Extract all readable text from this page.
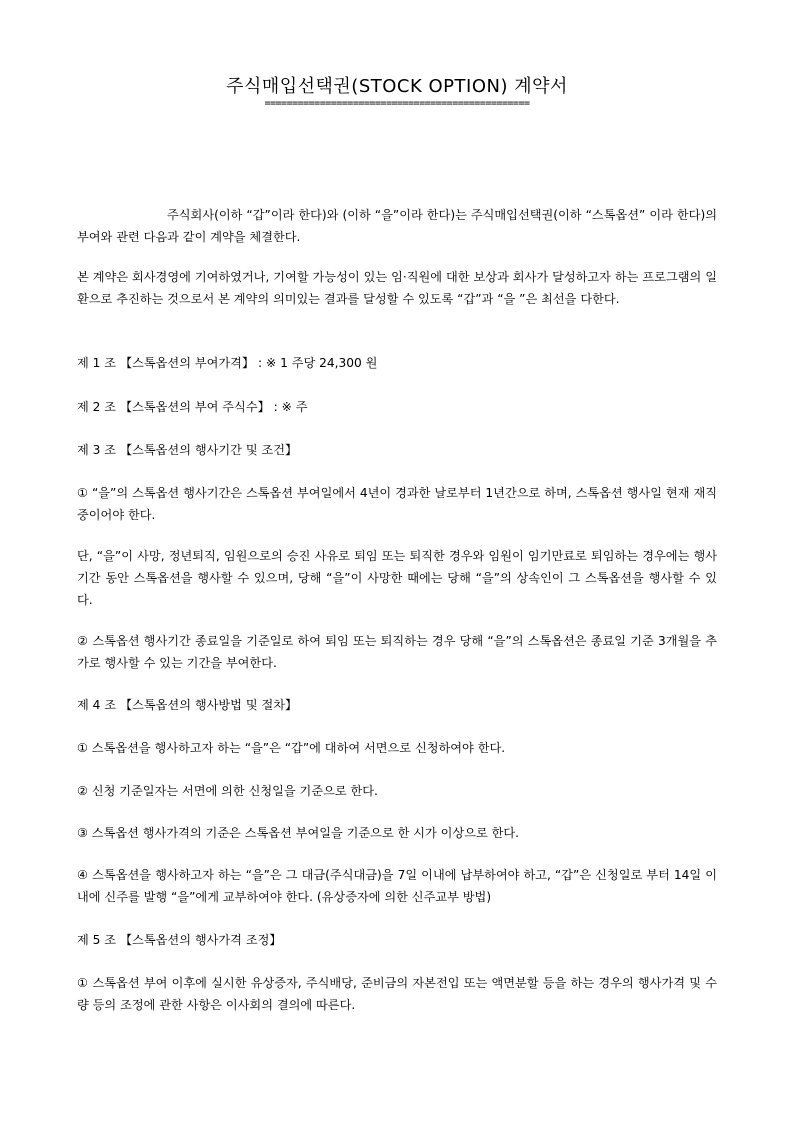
주식매입선택권(STOCK OPTION) 계약서
================================================

주식회사(이하 “갑”이라 한다)와 (이하 “을”이라 한다)는 주식매입선택권(이하 “스톡옵션” 이라 한다)의 부여와 관련 다음과 같이 계약을 체결한다.

본 계약은 회사경영에 기여하였거나, 기여할 가능성이 있는 임·직원에 대한 보상과 회사가 달성하고자 하는 프로그램의 일환으로 추진하는 것으로서 본 계약의 의미있는 결과를 달성할 수 있도록 “갑”과 “을 ”은 최선을 다한다.

제 1 조 【스톡옵션의 부여가격】 : ※ 1 주당 24,300 원

제 2 조 【스톡옵션의 부여 주식수】 : ※ 주

제 3 조 【스톡옵션의 행사기간 및 조건】

① “을”의 스톡옵션 행사기간은 스톡옵션 부여일에서 4년이 경과한 날로부터 1년간으로 하며, 스톡옵션 행사일 현재 재직중이어야 한다.

단, “을”이 사망, 정년퇴직, 임원으로의 승진 사유로 퇴임 또는 퇴직한 경우와 임원이 임기만료로 퇴임하는 경우에는 행사기간 동안 스톡옵션을 행사할 수 있으며, 당해 “을”이 사망한 때에는 당해 “을”의 상속인이 그 스톡옵션을 행사할 수 있다.

② 스톡옵션 행사기간 종료일을 기준일로 하여 퇴임 또는 퇴직하는 경우 당해 “을”의 스톡옵션은 종료일 기준 3개월을 추가로 행사할 수 있는 기간을 부여한다.

제 4 조 【스톡옵션의 행사방법 및 절차】

① 스톡옵션을 행사하고자 하는 “을”은 “갑”에 대하여 서면으로 신청하여야 한다.

② 신청 기준일자는 서면에 의한 신청일을 기준으로 한다.

③ 스톡옵션 행사가격의 기준은 스톡옵션 부여일을 기준으로 한 시가 이상으로 한다.

④ 스톡옵션을 행사하고자 하는 “을”은 그 대금(주식대금)을 7일 이내에 납부하여야 하고, “갑”은 신청일로 부터 14일 이내에 신주를 발행 “을”에게 교부하여야 한다. (유상증자에 의한 신주교부 방법)

제 5 조 【스톡옵션의 행사가격 조정】

① 스톡옵션 부여 이후에 실시한 유상증자, 주식배당, 준비금의 자본전입 또는 액면분할 등을 하는 경우의 행사가격 및 수량 등의 조정에 관한 사항은 이사회의 결의에 따른다.
